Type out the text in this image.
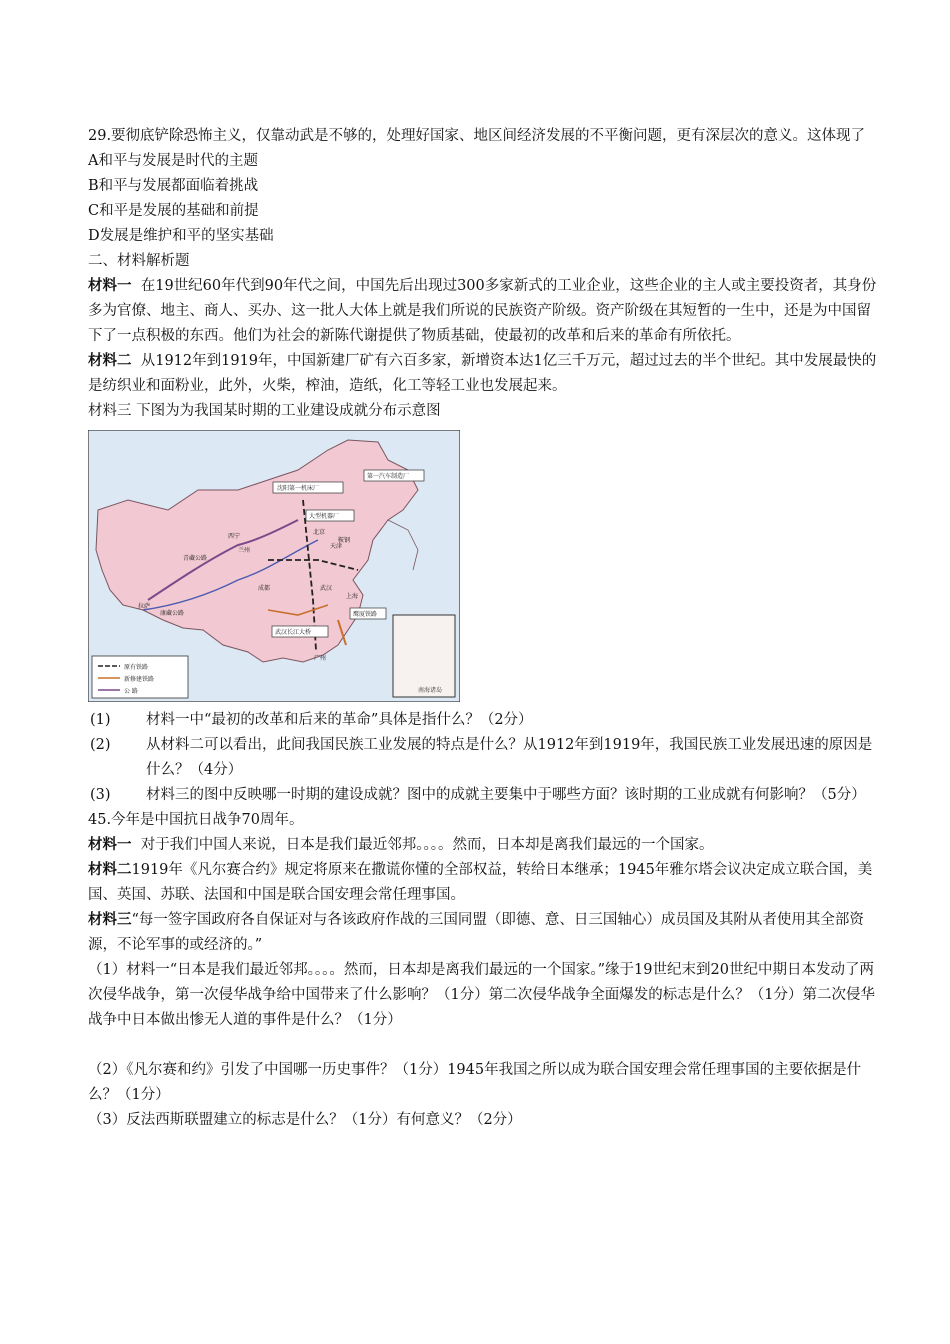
29.要彻底铲除恐怖主义，仅靠动武是不够的，处理好国家、地区间经济发展的不平衡问题，更有深层次的意义。这体现了

A和平与发展是时代的主题

B和平与发展都面临着挑战

C和平是发展的基础和前提

D发展是维护和平的坚实基础

二、材料解析题

材料一 在19世纪60年代到90年代之间，中国先后出现过300多家新式的工业企业，这些企业的主人或主要投资者，其身份多为官僚、地主、商人、买办、这一批人大体上就是我们所说的民族资产阶级。资产阶级在其短暂的一生中，还是为中国留下了一点积极的东西。他们为社会的新陈代谢提供了物质基础，使最初的改革和后来的革命有所依托。

材料二 从1912年到1919年，中国新建厂矿有六百多家，新增资本达1亿三千万元，超过过去的半个世纪。其中发展最快的是纺织业和面粉业，此外，火柴，榨油，造纸，化工等轻工业也发展起来。

材料三 下图为为我国某时期的工业建设成就分布示意图

南海诸岛
沈阳第一机床厂
第一汽车制造厂
大型机器厂
鞍钢
武汉长江大桥
鹰厦铁路
康藏公路
青藏公路
西宁
兰州
北京
天津
上海
武汉
成都
拉萨
广州
原有铁路
新修建铁路
公 路
(1)	材料一中“最初的改革和后来的革命”具体是指什么？（2分）
(2)	从材料二可以看出，此间我国民族工业发展的特点是什么？从1912年到1919年，我国民族工业发展迅速的原因是什么？（4分）
(3)	材料三的图中反映哪一时期的建设成就？图中的成就主要集中于哪些方面？该时期的工业成就有何影响？（5分）

45.今年是中国抗日战争70周年。

材料一 对于我们中国人来说，日本是我们最近邻邦。。。。然而，日本却是离我们最远的一个国家。

材料二1919年《凡尔赛合约》规定将原来在撒谎你懂的全部权益，转给日本继承；1945年雅尔塔会议决定成立联合国，美国、英国、苏联、法国和中国是联合国安理会常任理事国。

材料三“每一签字国政府各自保证对与各该政府作战的三国同盟（即德、意、日三国轴心）成员国及其附从者使用其全部资源，不论军事的或经济的。”

（1）材料一“日本是我们最近邻邦。。。。然而，日本却是离我们最远的一个国家。”缘于19世纪末到20世纪中期日本发动了两次侵华战争，第一次侵华战争给中国带来了什么影响？（1分）第二次侵华战争全面爆发的标志是什么？（1分）第二次侵华战争中日本做出惨无人道的事件是什么？（1分）

（2）《凡尔赛和约》引发了中国哪一历史事件？（1分）1945年我国之所以成为联合国安理会常任理事国的主要依据是什么？（1分）

（3）反法西斯联盟建立的标志是什么？（1分）有何意义？（2分）
